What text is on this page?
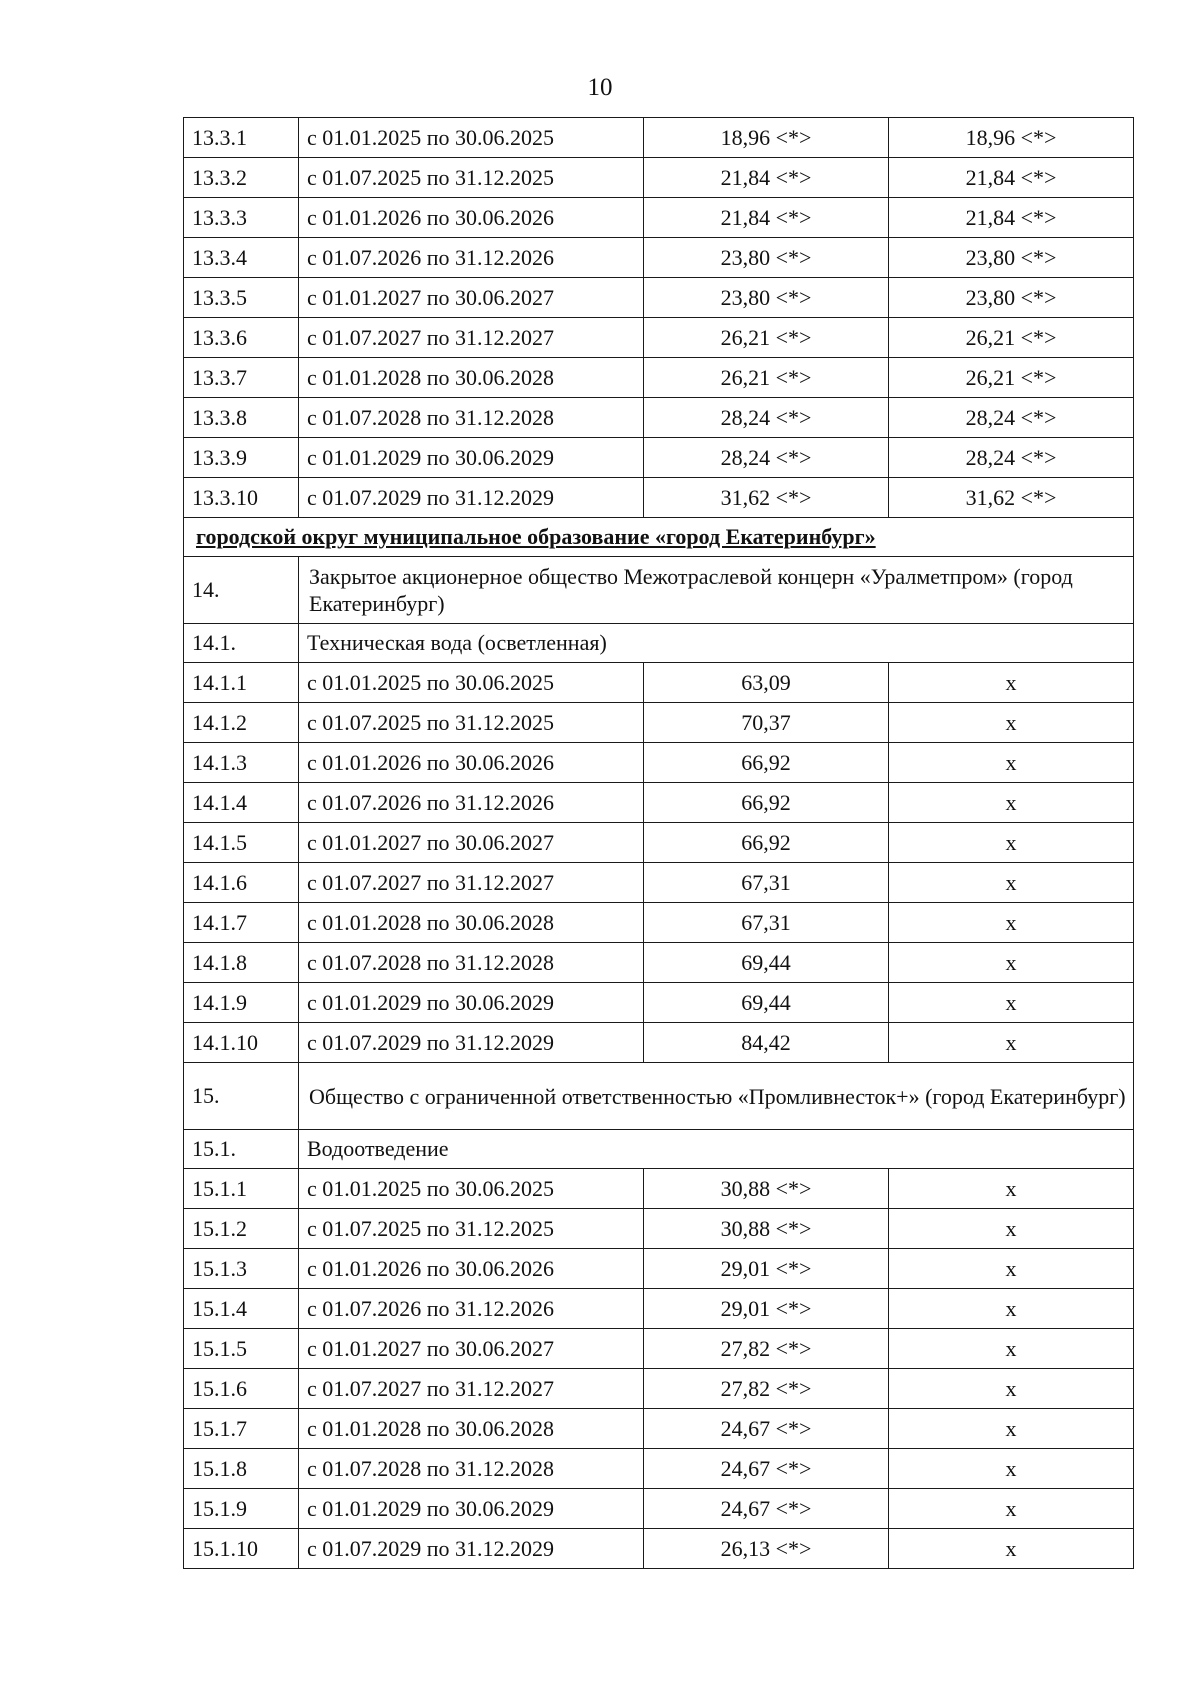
10
13.3.1	с 01.01.2025 по 30.06.2025	18,96 <*>	18,96 <*>
13.3.2	с 01.07.2025 по 31.12.2025	21,84 <*>	21,84 <*>
13.3.3	с 01.01.2026 по 30.06.2026	21,84 <*>	21,84 <*>
13.3.4	с 01.07.2026 по 31.12.2026	23,80 <*>	23,80 <*>
13.3.5	с 01.01.2027 по 30.06.2027	23,80 <*>	23,80 <*>
13.3.6	с 01.07.2027 по 31.12.2027	26,21 <*>	26,21 <*>
13.3.7	с 01.01.2028 по 30.06.2028	26,21 <*>	26,21 <*>
13.3.8	с 01.07.2028 по 31.12.2028	28,24 <*>	28,24 <*>
13.3.9	с 01.01.2029 по 30.06.2029	28,24 <*>	28,24 <*>
13.3.10	с 01.07.2029 по 31.12.2029	31,62 <*>	31,62 <*>
городской округ муниципальное образование «город Екатеринбург»			
14.	Закрытое акционерное общество Межотраслевой концерн «Уралметпром» (город Екатеринбург)		
14.1.	Техническая вода (осветленная)		
14.1.1	с 01.01.2025 по 30.06.2025	63,09	х
14.1.2	с 01.07.2025 по 31.12.2025	70,37	х
14.1.3	с 01.01.2026 по 30.06.2026	66,92	х
14.1.4	с 01.07.2026 по 31.12.2026	66,92	х
14.1.5	с 01.01.2027 по 30.06.2027	66,92	х
14.1.6	с 01.07.2027 по 31.12.2027	67,31	х
14.1.7	с 01.01.2028 по 30.06.2028	67,31	х
14.1.8	с 01.07.2028 по 31.12.2028	69,44	х
14.1.9	с 01.01.2029 по 30.06.2029	69,44	х
14.1.10	с 01.07.2029 по 31.12.2029	84,42	х
15.	Общество с ограниченной ответственностью «Промливнесток+» (город Екатеринбург)		
15.1.	Водоотведение		
15.1.1	с 01.01.2025 по 30.06.2025	30,88 <*>	х
15.1.2	с 01.07.2025 по 31.12.2025	30,88 <*>	х
15.1.3	с 01.01.2026 по 30.06.2026	29,01 <*>	х
15.1.4	с 01.07.2026 по 31.12.2026	29,01 <*>	х
15.1.5	с 01.01.2027 по 30.06.2027	27,82 <*>	х
15.1.6	с 01.07.2027 по 31.12.2027	27,82 <*>	х
15.1.7	с 01.01.2028 по 30.06.2028	24,67 <*>	х
15.1.8	с 01.07.2028 по 31.12.2028	24,67 <*>	х
15.1.9	с 01.01.2029 по 30.06.2029	24,67 <*>	х
15.1.10	с 01.07.2029 по 31.12.2029	26,13 <*>	х
